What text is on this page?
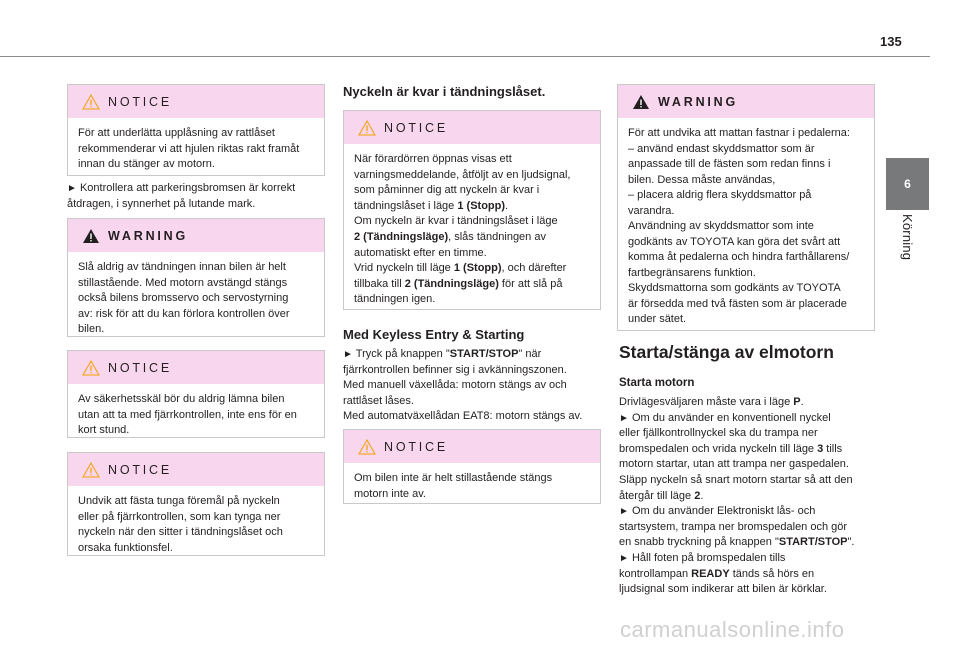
135
6
Körning
NOTICE
För att underlätta upplåsning av rattlåset
rekommenderar vi att hjulen riktas rakt framåt
innan du stänger av motorn.
► Kontrollera att parkeringsbromsen är korrekt
åtdragen, i synnerhet på lutande mark.
WARNING
Slå aldrig av tändningen innan bilen är helt
stillastående. Med motorn avstängd stängs
också bilens bromsservo och servostyrning
av: risk för att du kan förlora kontrollen över
bilen.
NOTICE
Av säkerhetsskäl bör du aldrig lämna bilen
utan att ta med fjärrkontrollen, inte ens för en
kort stund.
NOTICE
Undvik att fästa tunga föremål på nyckeln
eller på fjärrkontrollen, som kan tynga ner
nyckeln när den sitter i tändningslåset och
orsaka funktionsfel.
Nyckeln är kvar i tändningslåset.
NOTICE
När förardörren öppnas visas ett
varningsmeddelande, åtföljt av en ljudsignal,
som påminner dig att nyckeln är kvar i
tändningslåset i läge 1 (Stopp).
Om nyckeln är kvar i tändningslåset i läge
2 (Tändningsläge), slås tändningen av
automatiskt efter en timme.
Vrid nyckeln till läge 1 (Stopp), och därefter
tillbaka till 2 (Tändningsläge) för att slå på
tändningen igen.
Med Keyless Entry & Starting
► Tryck på knappen "START/STOP" när
fjärrkontrollen befinner sig i avkänningszonen.
Med manuell växellåda: motorn stängs av och
rattlåset låses.
Med automatväxellådan EAT8: motorn stängs av.
NOTICE
Om bilen inte är helt stillastående stängs
motorn inte av.
WARNING
För att undvika att mattan fastnar i pedalerna:
– använd endast skyddsmattor som är
anpassade till de fästen som redan finns i
bilen. Dessa måste användas,
– placera aldrig flera skyddsmattor på
varandra.
Användning av skyddsmattor som inte
godkänts av TOYOTA kan göra det svårt att
komma åt pedalerna och hindra farthållarens/
fartbegränsarens funktion.
Skyddsmattorna som godkänts av TOYOTA
är försedda med två fästen som är placerade
under sätet.
Starta/stänga av elmotorn
Starta motorn
Drivlägesväljaren måste vara i läge P.
► Om du använder en konventionell nyckel
eller fjällkontrollnyckel ska du trampa ner
bromspedalen och vrida nyckeln till läge 3 tills
motorn startar, utan att trampa ner gaspedalen.
Släpp nyckeln så snart motorn startar så att den
återgår till läge 2.
► Om du använder Elektroniskt lås- och
startsystem, trampa ner bromspedalen och gör
en snabb tryckning på knappen "START/STOP".
► Håll foten på bromspedalen tills
kontrollampan READY tänds så hörs en
ljudsignal som indikerar att bilen är körklar.
carmanualsonline.info
